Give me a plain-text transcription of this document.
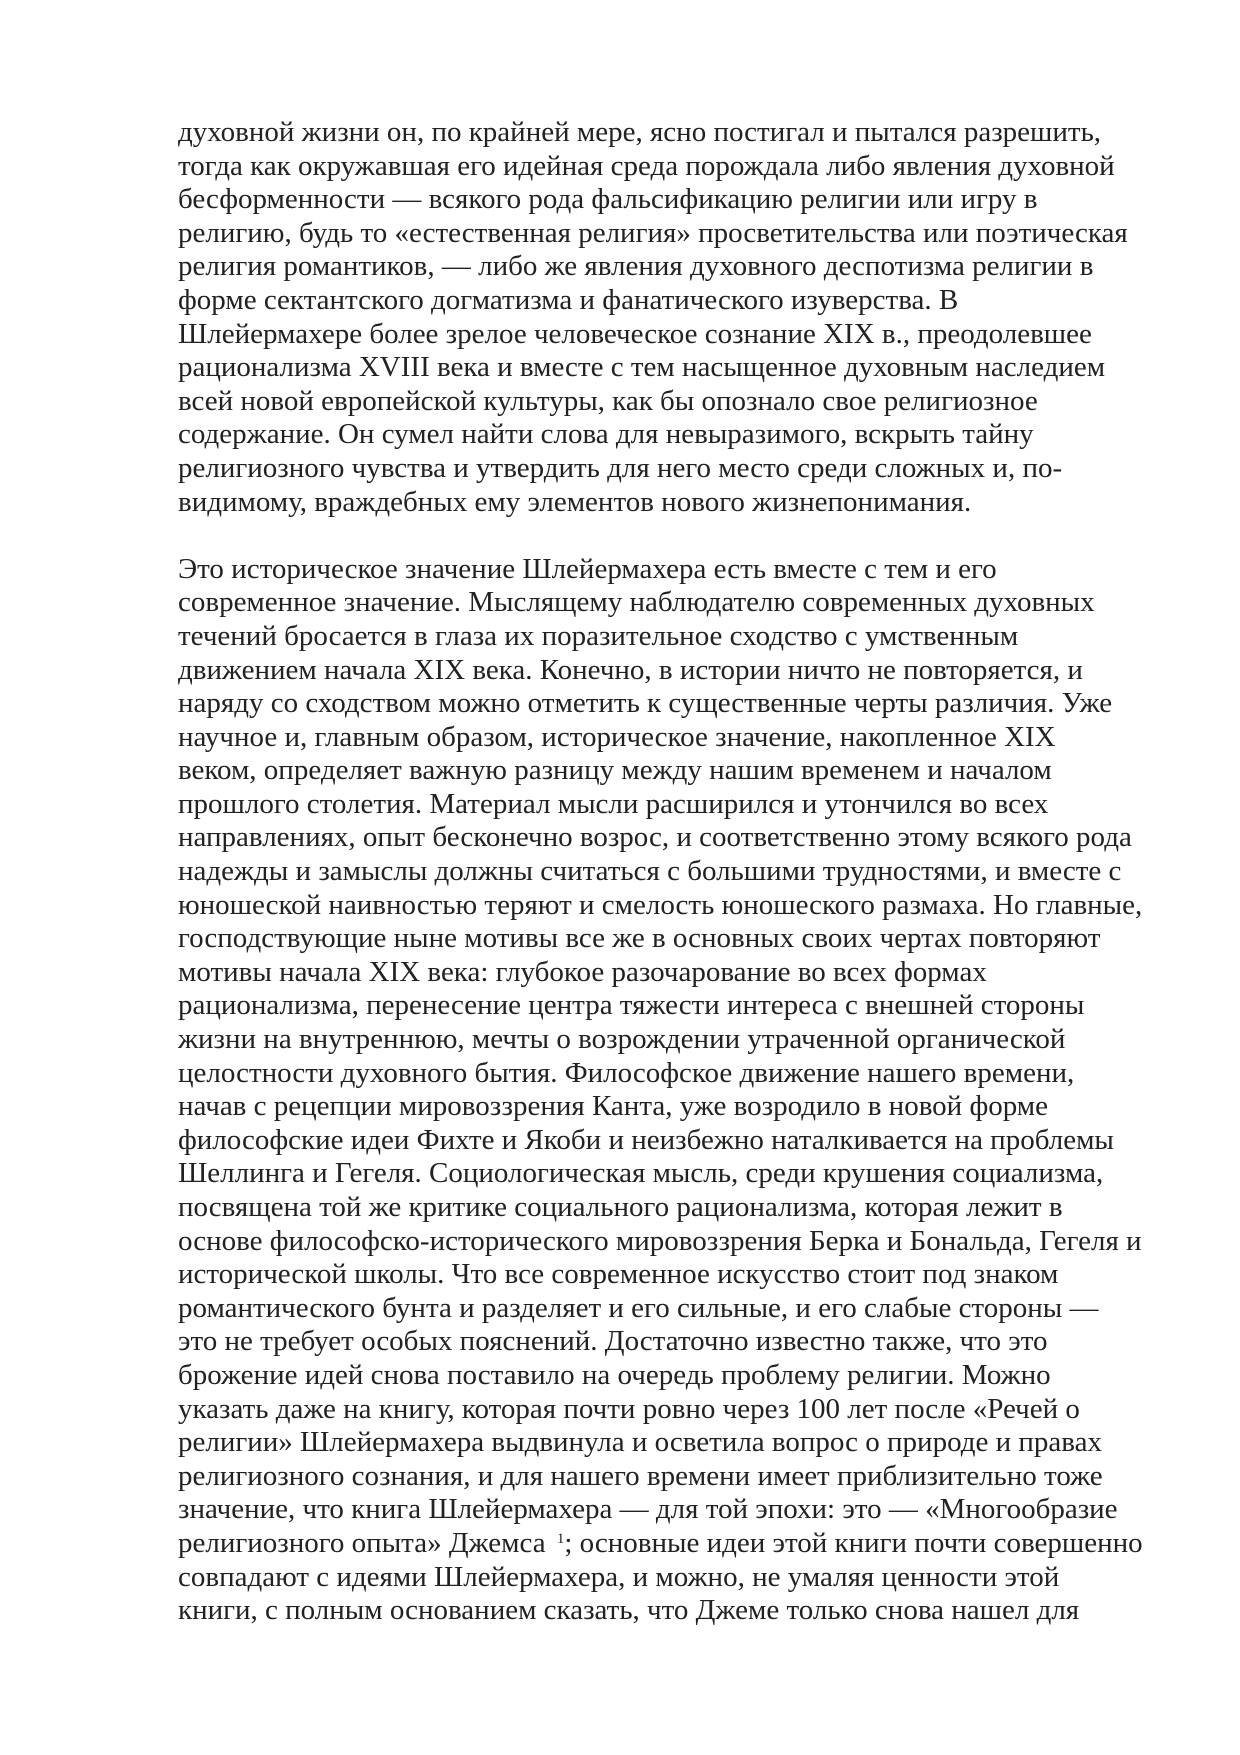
духовной жизни он, по крайней мере, ясно постигал и пытался разрешить,
тогда как окружавшая его идейная среда порождала либо явления духовной
бесформенности — всякого рода фальсификацию религии или игру в
религию, будь то «естественная религия» просветительства или поэтическая
религия романтиков, — либо же явления духовного деспотизма религии в
форме сектантского догматизма и фанатического изуверства. В
Шлейермахере более зрелое человеческое сознание XIX в., преодолевшее
рационализма XVIII века и вместе с тем насыщенное духовным наследием
всей новой европейской культуры, как бы опознало свое религиозное
содержание. Он сумел найти слова для невыразимого, вскрыть тайну
религиозного чувства и утвердить для него место среди сложных и, по-
видимому, враждебных ему элементов нового жизнепонимания.

Это историческое значение Шлейермахера есть вместе с тем и его
современное значение. Мыслящему наблюдателю современных духовных
течений бросается в глаза их поразительное сходство с умственным
движением начала XIX века. Конечно, в истории ничто не повторяется, и
наряду со сходством можно отметить к существенные черты различия. Уже
научное и, главным образом, историческое значение, накопленное XIX
веком, определяет важную разницу между нашим временем и началом
прошлого столетия. Материал мысли расширился и утончился во всех
направлениях, опыт бесконечно возрос, и соответственно этому всякого рода
надежды и замыслы должны считаться с большими трудностями, и вместе с
юношеской наивностью теряют и смелость юношеского размаха. Но главные,
господствующие ныне мотивы все же в основных своих чертах повторяют
мотивы начала XIX века: глубокое разочарование во всех формах
рационализма, перенесение центра тяжести интереса с внешней стороны
жизни на внутреннюю, мечты о возрождении утраченной органической
целостности духовного бытия. Философское движение нашего времени,
начав с рецепции мировоззрения Канта, уже возродило в новой форме
философские идеи Фихте и Якоби и неизбежно наталкивается на проблемы
Шеллинга и Гегеля. Социологическая мысль, среди крушения социализма,
посвящена той же критике социального рационализма, которая лежит в
основе философско-исторического мировоззрения Берка и Бональда, Гегеля и
исторической школы. Что все современное искусство стоит под знаком
романтического бунта и разделяет и его сильные, и его слабые стороны —
это не требует особых пояснений. Достаточно известно также, что это
брожение идей снова поставило на очередь проблему религии. Можно
указать даже на книгу, которая почти ровно через 100 лет после «Речей о
религии» Шлейермахера выдвинула и осветила вопрос о природе и правах
религиозного сознания, и для нашего времени имеет приблизительно тоже
значение, что книга Шлейермахера — для той эпохи: это — «Многообразие
религиозного опыта» Джемса $^1$; основные идеи этой книги почти совершенно
совпадают с идеями Шлейермахера, и можно, не умаляя ценности этой
книги, с полным основанием сказать, что Джеме только снова нашел для
